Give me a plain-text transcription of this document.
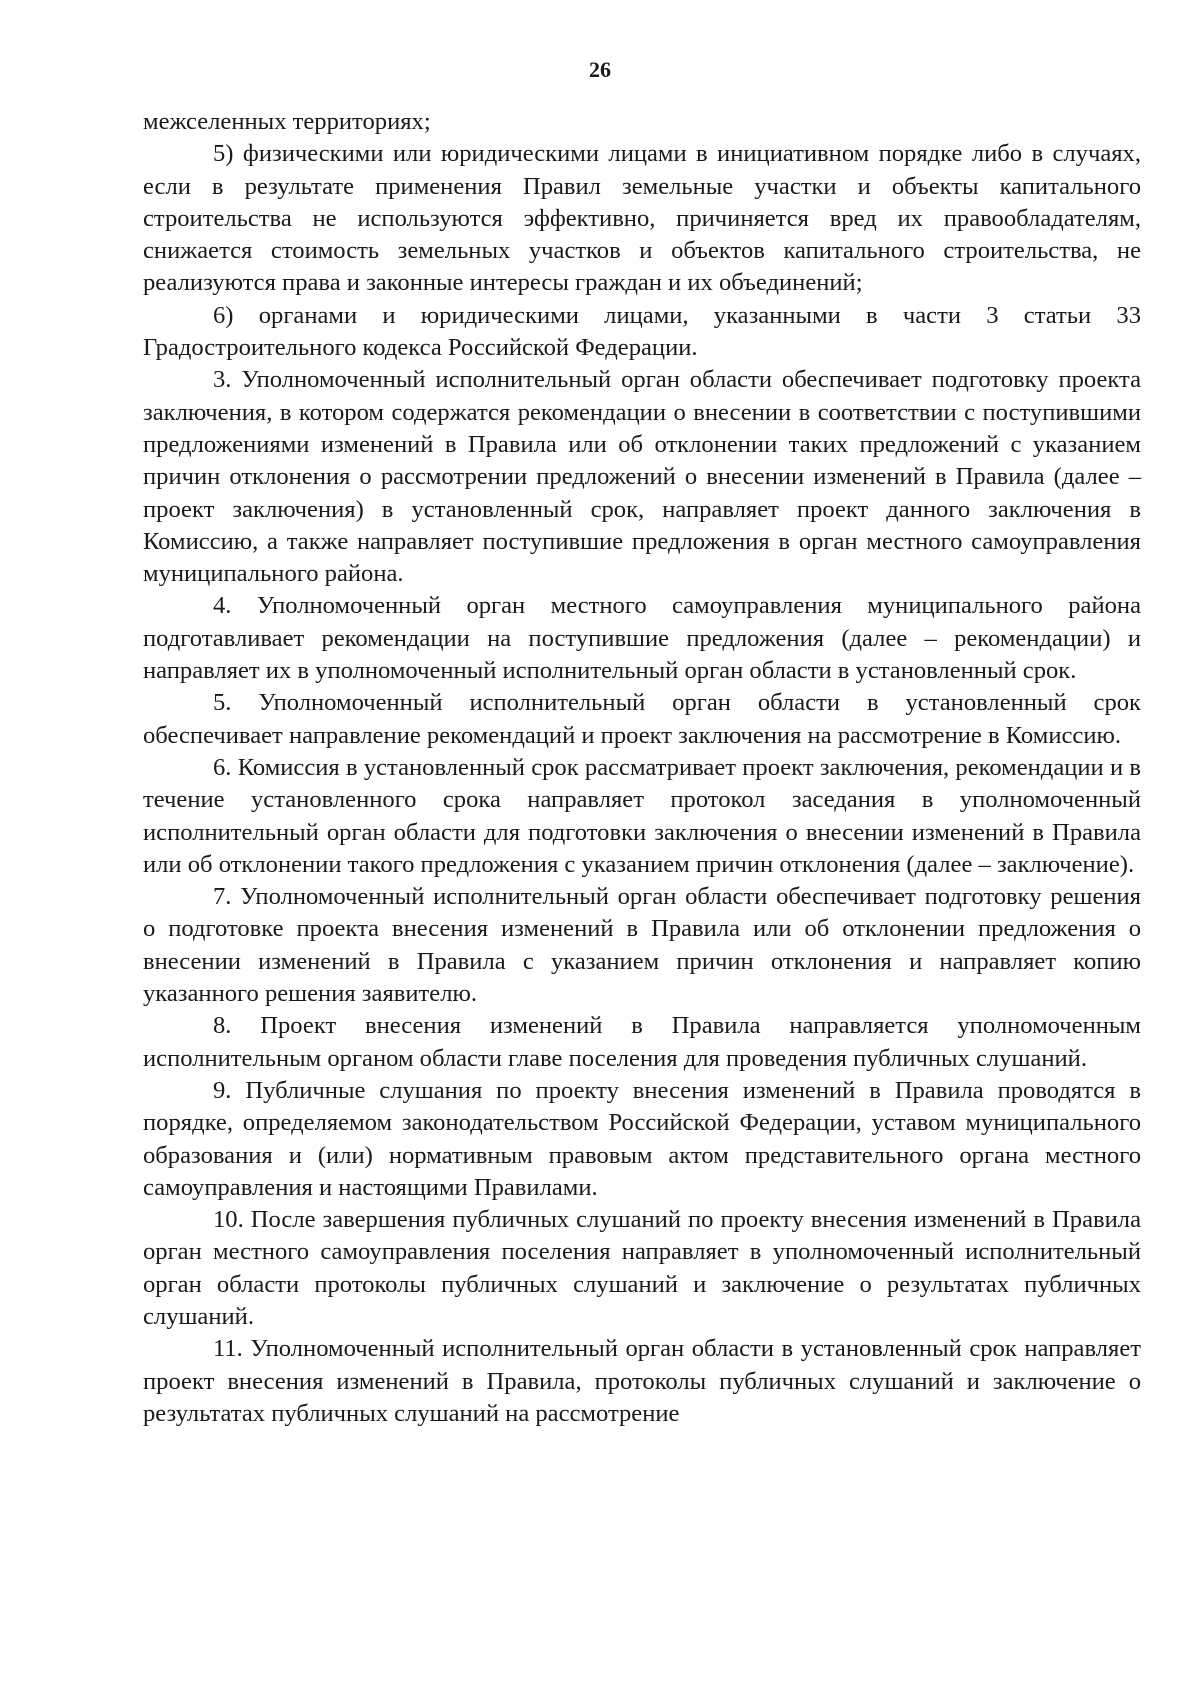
26

межселенных территориях;

5) физическими или юридическими лицами в инициативном порядке либо в случаях, если в результате применения Правил земельные участки и объекты капитального строительства не используются эффективно, причиняется вред их правообладателям, снижается стоимость земельных участков и объектов капитального строительства, не реализуются права и законные интересы граждан и их объединений;

6) органами и юридическими лицами, указанными в части 3 статьи 33 Градостроительного кодекса Российской Федерации.

3. Уполномоченный исполнительный орган области обеспечивает подготовку проекта заключения, в котором содержатся рекомендации о внесении в соответствии с поступившими предложениями изменений в Правила или об отклонении таких предложений с указанием причин отклонения о рассмотрении предложений о внесении изменений в Правила (далее – проект заключения) в установленный срок, направляет проект данного заключения в Комиссию, а также направляет поступившие предложения в орган местного самоуправления муниципального района.

4. Уполномоченный орган местного самоуправления муниципального района подготавливает рекомендации на поступившие предложения (далее – рекомендации) и направляет их в уполномоченный исполнительный орган области в установленный срок.

5. Уполномоченный исполнительный орган области в установленный срок обеспечивает направление рекомендаций и проект заключения на рассмотрение в Комиссию.

6. Комиссия в установленный срок рассматривает проект заключения, рекомендации и в течение установленного срока направляет протокол заседания в уполномоченный исполнительный орган области для подготовки заключения о внесении изменений в Правила или об отклонении такого предложения с указанием причин отклонения (далее – заключение).

7. Уполномоченный исполнительный орган области обеспечивает подготовку решения о подготовке проекта внесения изменений в Правила или об отклонении предложения о внесении изменений в Правила с указанием причин отклонения и направляет копию указанного решения заявителю.

8. Проект внесения изменений в Правила направляется уполномоченным исполнительным органом области главе поселения для проведения публичных слушаний.

9. Публичные слушания по проекту внесения изменений в Правила проводятся в порядке, определяемом законодательством Российской Федерации, уставом муниципального образования и (или) нормативным правовым актом представительного органа местного самоуправления и настоящими Правилами.

10. После завершения публичных слушаний по проекту внесения изменений в Правила орган местного самоуправления поселения направляет в уполномоченный исполнительный орган области протоколы публичных слушаний и заключение о результатах публичных слушаний.

11. Уполномоченный исполнительный орган области в установленный срок направляет проект внесения изменений в Правила, протоколы публичных слушаний и заключение о результатах публичных слушаний на рассмотрение
